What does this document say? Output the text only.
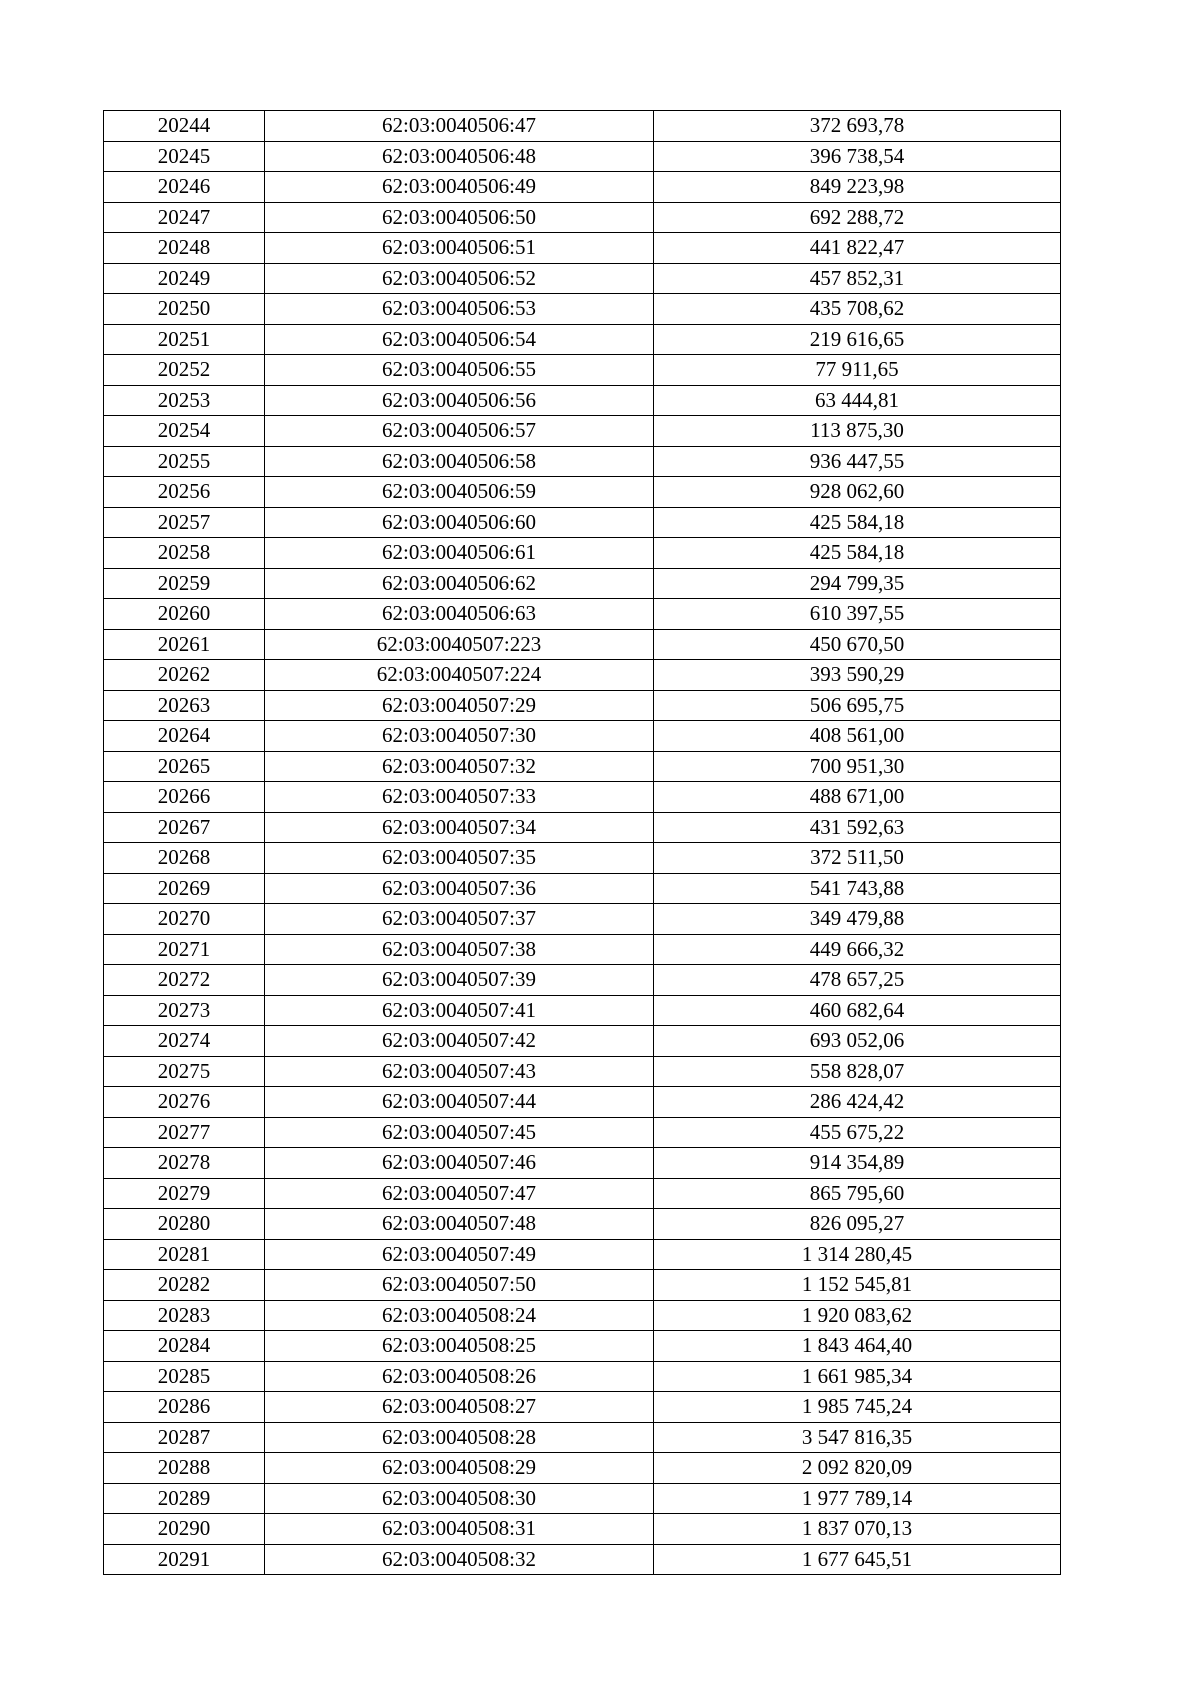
20244	62:03:0040506:47	372 693,78
20245	62:03:0040506:48	396 738,54
20246	62:03:0040506:49	849 223,98
20247	62:03:0040506:50	692 288,72
20248	62:03:0040506:51	441 822,47
20249	62:03:0040506:52	457 852,31
20250	62:03:0040506:53	435 708,62
20251	62:03:0040506:54	219 616,65
20252	62:03:0040506:55	77 911,65
20253	62:03:0040506:56	63 444,81
20254	62:03:0040506:57	113 875,30
20255	62:03:0040506:58	936 447,55
20256	62:03:0040506:59	928 062,60
20257	62:03:0040506:60	425 584,18
20258	62:03:0040506:61	425 584,18
20259	62:03:0040506:62	294 799,35
20260	62:03:0040506:63	610 397,55
20261	62:03:0040507:223	450 670,50
20262	62:03:0040507:224	393 590,29
20263	62:03:0040507:29	506 695,75
20264	62:03:0040507:30	408 561,00
20265	62:03:0040507:32	700 951,30
20266	62:03:0040507:33	488 671,00
20267	62:03:0040507:34	431 592,63
20268	62:03:0040507:35	372 511,50
20269	62:03:0040507:36	541 743,88
20270	62:03:0040507:37	349 479,88
20271	62:03:0040507:38	449 666,32
20272	62:03:0040507:39	478 657,25
20273	62:03:0040507:41	460 682,64
20274	62:03:0040507:42	693 052,06
20275	62:03:0040507:43	558 828,07
20276	62:03:0040507:44	286 424,42
20277	62:03:0040507:45	455 675,22
20278	62:03:0040507:46	914 354,89
20279	62:03:0040507:47	865 795,60
20280	62:03:0040507:48	826 095,27
20281	62:03:0040507:49	1 314 280,45
20282	62:03:0040507:50	1 152 545,81
20283	62:03:0040508:24	1 920 083,62
20284	62:03:0040508:25	1 843 464,40
20285	62:03:0040508:26	1 661 985,34
20286	62:03:0040508:27	1 985 745,24
20287	62:03:0040508:28	3 547 816,35
20288	62:03:0040508:29	2 092 820,09
20289	62:03:0040508:30	1 977 789,14
20290	62:03:0040508:31	1 837 070,13
20291	62:03:0040508:32	1 677 645,51
